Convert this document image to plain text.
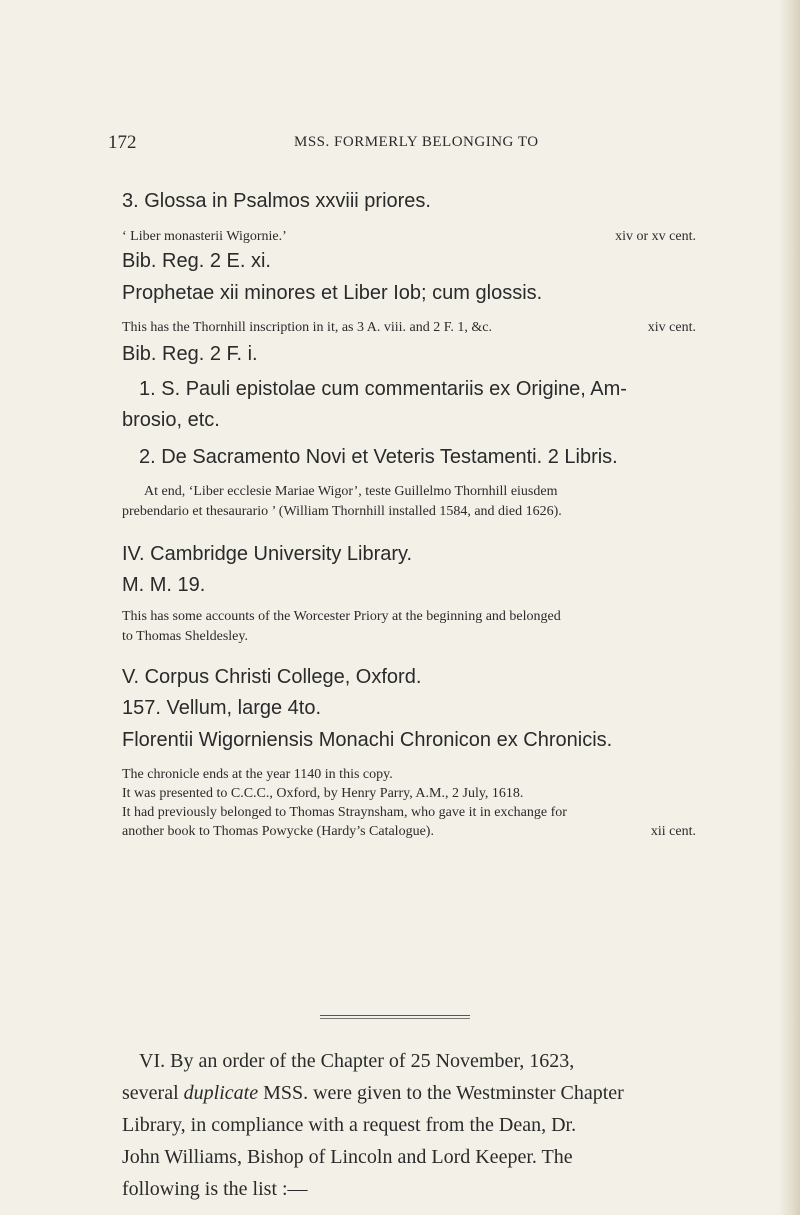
172	MSS. FORMERLY BELONGING TO
3. Glossa in Psalmos xxviii priores.
‘ Liber monasterii Wigornie.’	xiv or xv cent.
Bib. Reg. 2 E. xi.
Prophetae xii minores et Liber Iob; cum glossis.
This has the Thornhill inscription in it, as 3 A. viii. and 2 F. 1, &c.	xiv cent.
Bib. Reg. 2 F. i.
1. S. Pauli epistolae cum commentariis ex Origine, Am-
brosio, etc.
2. De Sacramento Novi et Veteris Testamenti. 2 Libris.
At end, ‘Liber ecclesie Mariae Wigor’, teste Guillelmo Thornhill eiusdem
prebendario et thesaurario ’ (William Thornhill installed 1584, and died 1626).
IV. Cambridge University Library.
M. M. 19.
This has some accounts of the Worcester Priory at the beginning and belonged
to Thomas Sheldesley.
V. Corpus Christi College, Oxford.
157. Vellum, large 4to.
Florentii Wigorniensis Monachi Chronicon ex Chronicis.
The chronicle ends at the year 1140 in this copy.
It was presented to C.C.C., Oxford, by Henry Parry, A.M., 2 July, 1618.
It had previously belonged to Thomas Straynsham, who gave it in exchange for
another book to Thomas Powycke (Hardy’s Catalogue).	xii cent.
VI. By an order of the Chapter of 25 November, 1623,
several duplicate MSS. were given to the Westminster Chapter
Library, in compliance with a request from the Dean, Dr.
John Williams, Bishop of Lincoln and Lord Keeper. The
following is the list :—
